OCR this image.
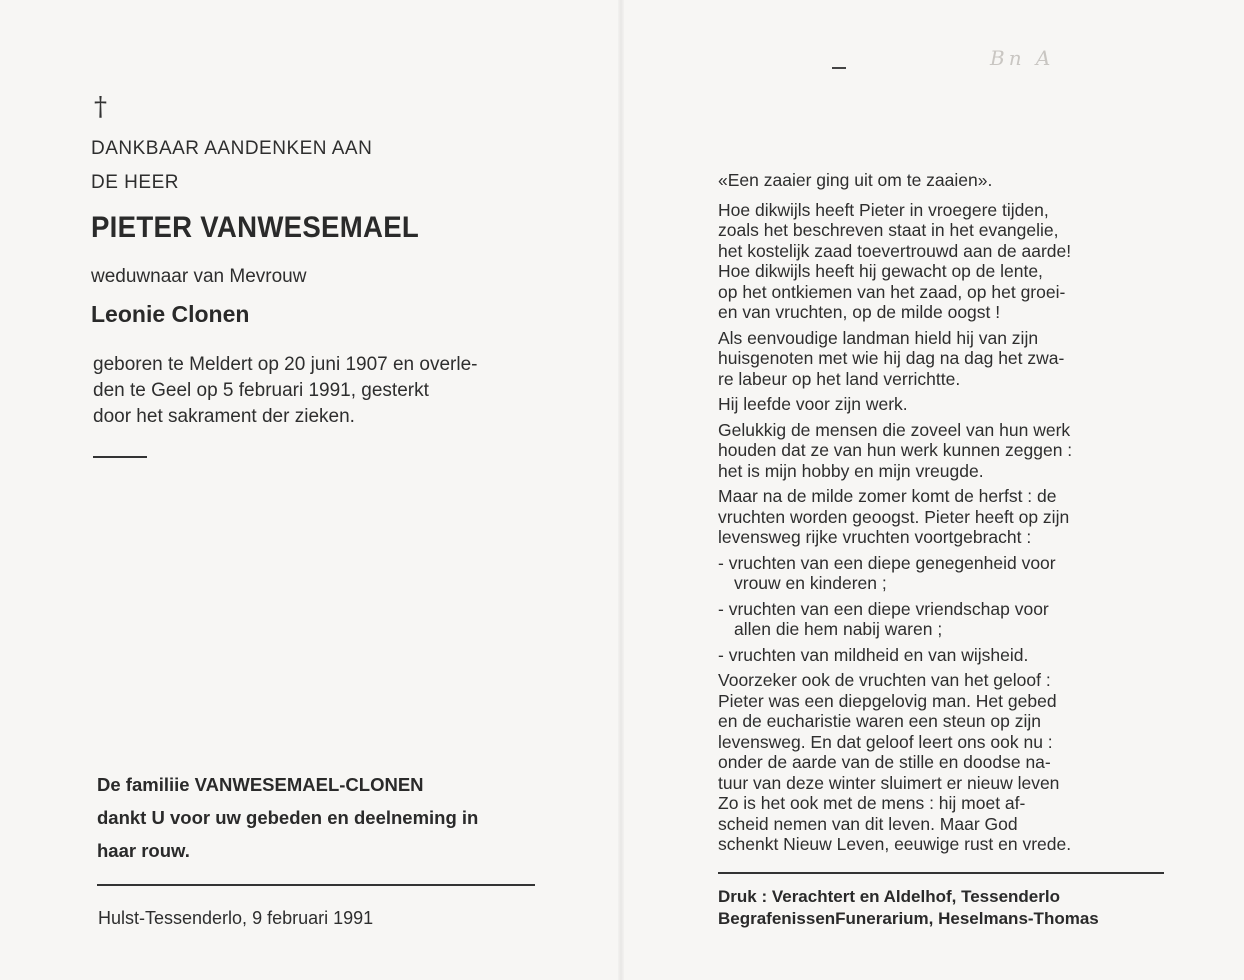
†
DANKBAAR AANDENKEN AAN
DE HEER
PIETER VANWESEMAEL
weduwnaar van Mevrouw
Leonie Clonen

geboren te Meldert op 20 juni 1907 en overle-

den te Geel op 5 februari 1991, gesterkt

door het sakrament der zieken.

De familiie VANWESEMAEL-CLONEN

dankt U voor uw gebeden en deelneming in

haar rouw.

Hulst-Tessenderlo, 9 februari 1991
Bn A
«Een zaaier ging uit om te zaaien».
Hoe dikwijls heeft Pieter in vroegere tijden,
zoals het beschreven staat in het evangelie,
het kostelijk zaad toevertrouwd aan de aarde!
Hoe dikwijls heeft hij gewacht op de lente,
op het ontkiemen van het zaad, op het groei-
en van vruchten, op de milde oogst !
Als eenvoudige landman hield hij van zijn
huisgenoten met wie hij dag na dag het zwa-
re labeur op het land verrichtte.
Hij leefde voor zijn werk.
Gelukkig de mensen die zoveel van hun werk
houden dat ze van hun werk kunnen zeggen :
het is mijn hobby en mijn vreugde.
Maar na de milde zomer komt de herfst : de
vruchten worden geoogst. Pieter heeft op zijn
levensweg rijke vruchten voortgebracht :
- vruchten van een diepe genegenheid voor
vrouw en kinderen ;
- vruchten van een diepe vriendschap voor
allen die hem nabij waren ;
- vruchten van mildheid en van wijsheid.
Voorzeker ook de vruchten van het geloof :
Pieter was een diepgelovig man. Het gebed
en de eucharistie waren een steun op zijn
levensweg. En dat geloof leert ons ook nu :
onder de aarde van de stille en doodse na-
tuur van deze winter sluimert er nieuw leven
Zo is het ook met de mens : hij moet af-
scheid nemen van dit leven. Maar God
schenkt Nieuw Leven, eeuwige rust en vrede.

Druk : Verachtert en Aldelhof, Tessenderlo

BegrafenissenFunerarium, Heselmans-Thomas
